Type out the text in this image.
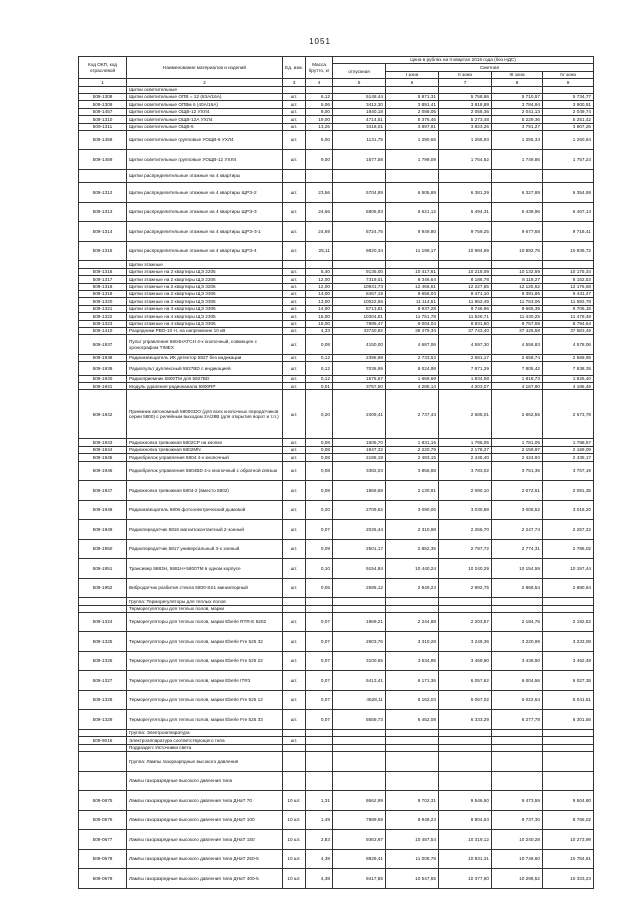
1051
Код ОКП, код отраслевой	Наименование материалов и изделий	Ед. изм.	Масса брутто, кг	Цена в рублях на II квартал 2016 года (без НДС)				
				отпускная	Сметная			
					I зона	II зона	III зона	IV зона
1	2	3	4	5	6	7	8	9
	Щитки осветительные							
509-1308	Щитки осветительные ОПВ = 12 (63А/16А)	шт.	6,12	5148,44	5 871,31	5 758,86	5 710,57	5 734,77
509-1309	Щитки осветительные ОПВм 6 (40А/16А)	шт.	5,06	3412,30	3 891,41	3 818,89	3 784,94	3 800,91
509-1457	Щитки осветительные ОЩВ-12 УХЛ4	шт.	8,00	1840,18	2 088,05	2 058,36	2 041,13	2 049,74
509-1310	Щитки осветительные ОЩВ-12А УХЛ4	шт.	19,00	4714,51	5 376,45	5 273,48	5 229,36	5 251,42
509-1311	Щитки осветительные ОЩВ-6	шт.	13,26	3418,01	3 897,91	3 823,26	3 791,27	3 807,26
509-1458	Щитки осветительные групповые УОЩВ-6 УХЛ4	шт.	5,00	1131,75	1 290,65	1 265,93	1 255,34	1 260,64
509-1459	Щитки осветительные групповые УОЩВ-12 УХЛ4	шт.	9,00	1577,58	1 799,09	1 764,62	1 749,86	1 757,24
	Щитки распределительные этажные на 4 квартиры							
509-1312	Щитки распределительные этажные на 4 квартиры ЩРЭ-2	шт.	23,56	5704,89	6 505,89	6 381,29	6 327,89	6 354,59
509-1313	Щитки распределительные этажные на 4 квартиры ЩРЭ-3	шт.	24,66	5805,93	6 621,12	6 494,31	6 439,96	6 467,14
509-1314	Щитки распределительные этажные на 4 квартиры ЩРЭ-3-1	шт.	24,69	8724,76	9 949,80	9 759,25	9 677,58	9 718,41
509-1315	Щитки распределительные этажные на 4 квартиры ЩРЭ-4	шт.	25,11	9820,34	11 199,17	10 984,69	10 892,76	10 938,72
	Щитки этажные							
509-1316	Щитки этажные на 2 квартиры ЩЭ 2205	шт.	5,40	9135,00	10 417,61	10 218,09	10 132,59	10 175,34
509-1317	Щитки этажные на 2 квартиры ЩЭ 2206	шт.	12,00	7319,01	8 346,64	8 186,78	8 118,27	8 152,53
509-1318	Щитки этажные на 2 квартиры ЩЭ 3206	шт.	12,00	10931,73	12 466,61	12 227,85	12 125,52	12 176,68
509-1319	Щитки этажные на 2 квартиры ЩЭ 3306	шт.	14,00	8457,19	9 656,03	9 471,10	9 391,85	9 431,47
509-1320	Щитки этажные на 2 квартиры ЩЭ 3305	шт.	13,00	10022,56	11 114,51	11 862,49	11 763,06	11 592,78
509-1321	Щитки этажные на 3 квартиры ЩЭ 3306	шт.	14,00	8713,81	9 937,28	9 746,96	9 665,39	9 706,18
509-1322	Щитки этажные на 4 квартиры ЩЭ 2305	шт.	15,00	10304,81	11 751,78	11 526,71	11 430,25	11 478,48
509-1323	Щитки этажные на 4 квартиры ЩЭ 3306	шт.	15,00	7895,47	9 004,04	8 831,60	8 757,59	8 794,64
509-1410	Разрядники РВО-10 Н, на напряжение 10 кВ	шт.	4,33	33740,92	38 479,34	37 743,40	37 425,58	37 583,49
509-1937	Пульт управления 5804HATCH 4-х кнопочный, совмещен с хронографом TIMEX	шт.	0,08	4150,00	4 687,06	4 597,30	4 558,83	4 578,06
509-1938	Радиоизвещатель ИК детектор 5827 без индикации	шт.	0,12	2396,98	2 733,53	2 681,17	2 658,74	2 669,95
509-1939	Радиопульт дуплексный 5827BD с индикацией	шт.	0,12	7036,95	8 024,98	7 871,29	7 805,42	7 838,35
509-1940	Радиоприемник 5800TM для 5827BD	шт.	0,12	1676,67	1 669,69	1 834,08	1 818,73	1 826,40
509-1941	Модуль удаления радиоканала 5800RP	шт.	0,01	3757,50	4 285,14	4 203,07	4 167,90	4 185,49
509-1942	Приемник автономный 5800GDO (для всех кнопочных передатчиков серии 5800) с релейным выходом 2A/28B (для открытия ворот и т.п.)	шт.	0,20	2409,41	2 737,44	2 685,01	2 662,55	2 673,78
509-1943	Радиокнопка тревожная 5802CP на кнопке	шт.	0,08	1605,70	1 831,15	1 796,05	1 781,05	1 788,57
509-1944	Радиокнопка тревожная 5802MN	шт.	0,08	1947,32	2 220,79	2 178,27	2 159,97	2 169,09
509-1945	Радиобрелок управления 5804 4-х кнопочный	шт.	0,08	2186,19	2 493,15	2 445,40	2 424,93	2 435,17
509-1946	Радиобрелок управления 5804BD 4-х кнопочный с обратной связью	шт.	0,08	3382,03	3 856,88	3 783,02	3 751,36	3 767,19
509-1947	Радиокнопка тревожная 5804-2 (вместо 5802)	шт.	0,08	1869,58	2 130,91	2 090,10	2 072,61	2 081,35
509-1948	Радиоизвещатель 5806 фотоэлектрический дымовой	шт.	0,20	2709,62	3 090,06	3 030,88	3 005,52	3 018,20
509-1949	Радиопередатчик 5816 магнитоконтактный 2-зонный	шт.	0,07	2026,44	2 310,98	2 266,70	2 247,74	2 257,22
509-1950	Радиопередатчик 5817 универсальный 3-х зонный	шт.	0,09	2501,17	2 852,35	2 797,72	2 774,31	2 786,02
509-1951	Трансивер 5883H, 5881H+5800TM в одном корпусе	шт.	0,10	9154,84	10 440,24	10 240,29	10 154,59	10 197,44
509-1952	Вибродатчик разбития стекла 5800-SS1 миниатюрный	шт.	0,06	2586,12	2 949,23	2 892,75	2 868,54	2 880,64
	Группа: Терморегуляторы для теплых полов							
	Терморегуляторы для теплых полов, марки							
509-1324	Терморегуляторы для теплых полов, марки Eberle RTR-E 6202	шт.	0,07	1969,21	2 244,88	2 203,57	2 184,76	2 192,52
509-1325	Терморегуляторы для теплых полов, марки Eberle Fre 525 32	шт.	0,07	2903,76	3 310,28	3 249,36	3 220,99	3 233,08
509-1326	Терморегуляторы для теплых полов, марки Eberle Fre 525 22	шт.	0,07	3100,65	3 534,95	3 469,90	3 439,50	3 452,48
509-1327	Терморегуляторы для теплых полов, марки Eberle ITR3	шт.	0,07	5413,41	6 171,36	6 057,62	6 004,56	6 027,35
509-1328	Терморегуляторы для теплых полов, марки Eberle Fre 525 12	шт.	0,07	4528,11	5 162,03	5 067,02	5 022,64	5 041,61
509-1329	Терморегуляторы для теплых полов, марки Eberle Fre 525 33	шт.	0,07	5659,73	6 452,08	6 333,29	6 277,78	6 301,56
	Группа: Электроаппаратура							
509-9016	Электроаппаратура соответствующего типа	шт.						
	Подраздел: Источники света							
	Группа: Лампы газоразрядные высокого давления							
	Лампы газоразрядные высокого давления типа							
509-0675	Лампы газоразрядные высокого давления типа ДНаТ 70	10 шт.	1,31	8662,99	9 702,31	9 546,50	9 473,59	9 504,80
509-0676	Лампы газоразрядные высокого давления типа ДНаТ 100	10 шт.	1,49	7989,59	8 948,23	8 804,53	8 737,30	8 766,02
509-0677	Лампы газоразрядные высокого давления типа ДНаТ 150	10 шт.	2,83	9363,97	10 487,54	10 319,12	10 240,28	10 273,99
509-0678	Лампы газоразрядные высокого давления типа ДНаТ 250-5	10 шт.	4,38	9829,41	11 008,78	10 831,31	10 748,60	10 784,81
509-0679	Лампы газоразрядные высокого давления типа ДНаТ 400-5	10 шт.	4,38	9417,85	10 547,65	10 377,60	10 298,52	10 333,23
